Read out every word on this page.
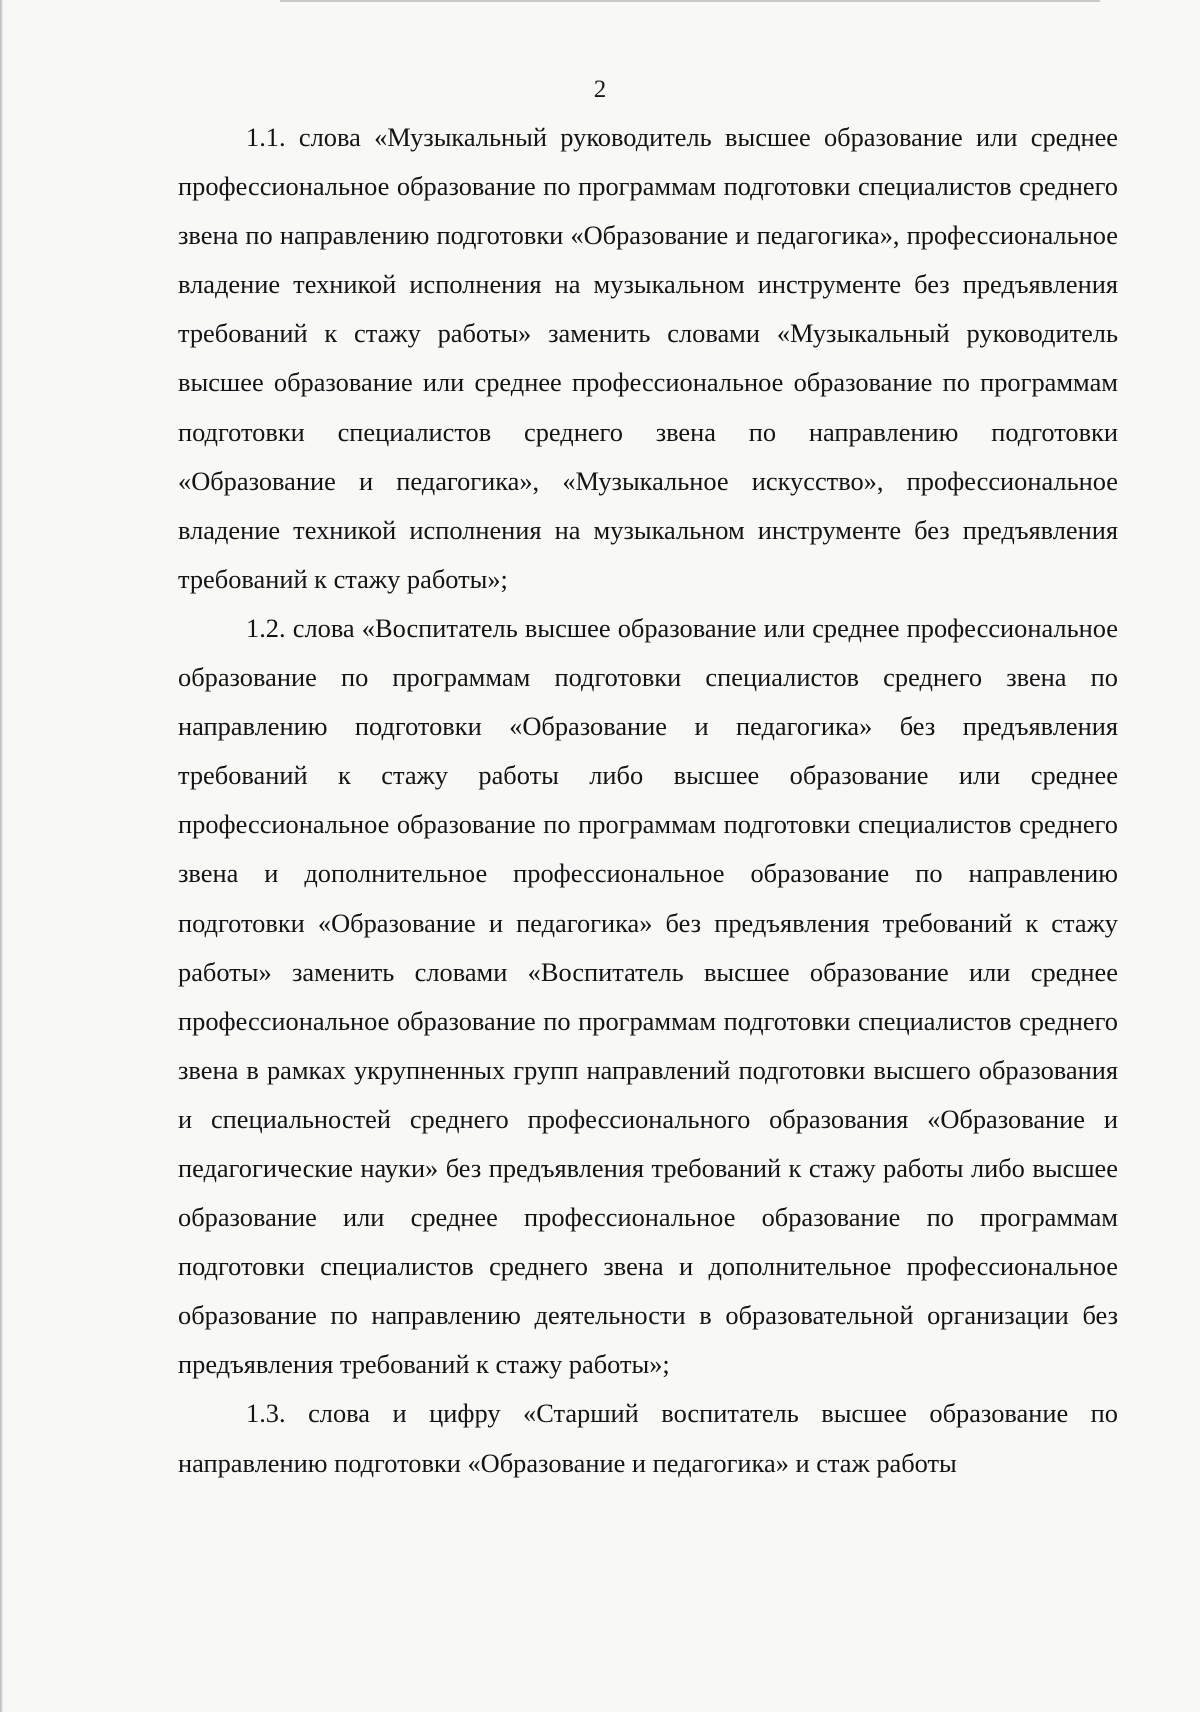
2

1.1. слова «Музыкальный руководитель высшее образование или среднее профессиональное образование по программам подготовки специалистов среднего звена по направлению подготовки «Образование и педагогика», профессиональное владение техникой исполнения на музыкальном инструменте без предъявления требований к стажу работы» заменить словами «Музыкальный руководитель высшее образование или среднее профессиональное образование по программам подготовки специалистов среднего звена по направлению подготовки «Образование и педагогика», «Музыкальное искусство», профессиональное владение техникой исполнения на музыкальном инструменте без предъявления требований к стажу работы»;

1.2. слова «Воспитатель высшее образование или среднее профессиональное образование по программам подготовки специалистов среднего звена по направлению подготовки «Образование и педагогика» без предъявления требований к стажу работы либо высшее образование или среднее профессиональное образование по программам подготовки специалистов среднего звена и дополнительное профессиональное образование по направлению подготовки «Образование и педагогика» без предъявления требований к стажу работы» заменить словами «Воспитатель высшее образование или среднее профессиональное образование по программам подготовки специалистов среднего звена в рамках укрупненных групп направлений подготовки высшего образования и специальностей среднего профессионального образования «Образование и педагогические науки» без предъявления требований к стажу работы либо высшее образование или среднее профессиональное образование по программам подготовки специалистов среднего звена и дополнительное профессиональное образование по направлению деятельности в образовательной организации без предъявления требований к стажу работы»;

1.3. слова и цифру «Старший воспитатель высшее образование по направлению подготовки «Образование и педагогика» и стаж работы
